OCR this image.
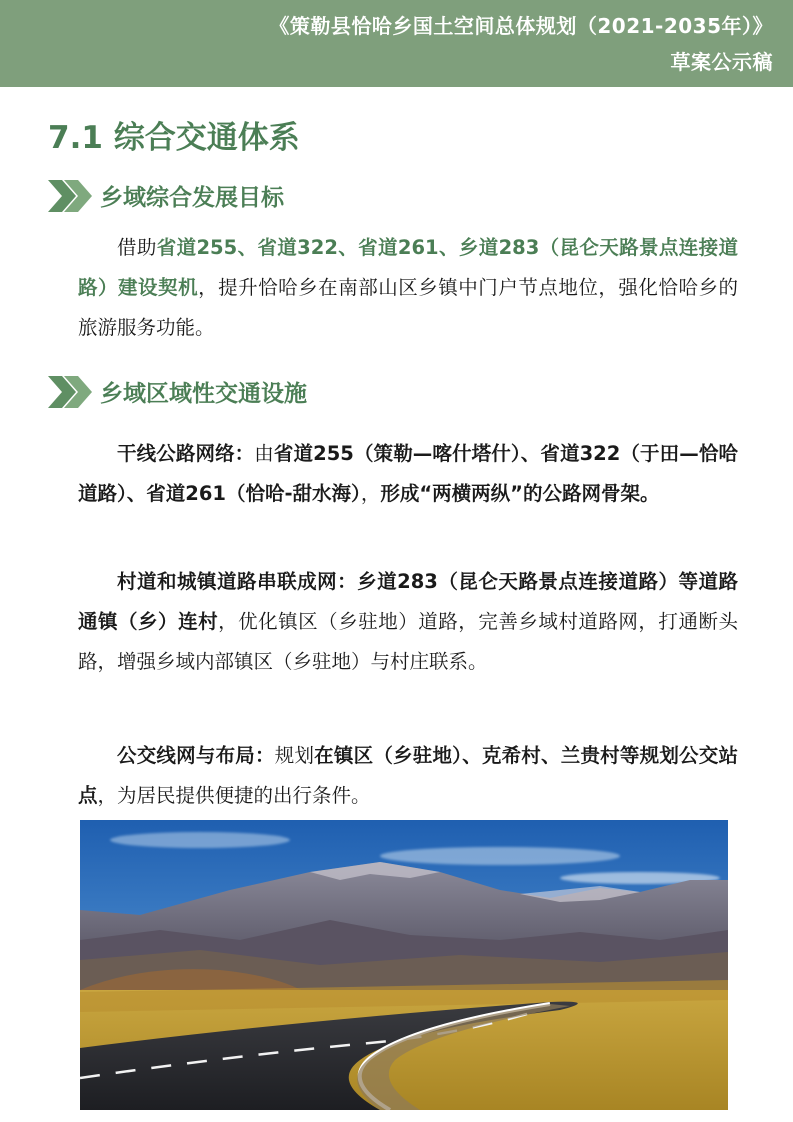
《策勒县恰哈乡国土空间总体规划（2021-2035年）》
草案公示稿
7.1 综合交通体系
乡域综合发展目标

借助省道255、省道322、省道261、乡道283（昆仑天路景点连接道路）建设契机，提升恰哈乡在南部山区乡镇中门户节点地位，强化恰哈乡的旅游服务功能。

乡域区域性交通设施

干线公路网络：由省道255（策勒—喀什塔什）、省道322（于田—恰哈道路）、省道261（恰哈-甜水海），形成“两横两纵”的公路网骨架。

村道和城镇道路串联成网：乡道283（昆仑天路景点连接道路）等道路通镇（乡）连村，优化镇区（乡驻地）道路，完善乡域村道路网，打通断头路，增强乡域内部镇区（乡驻地）与村庄联系。

公交线网与布局：规划在镇区（乡驻地）、克希村、兰贵村等规划公交站点，为居民提供便捷的出行条件。
